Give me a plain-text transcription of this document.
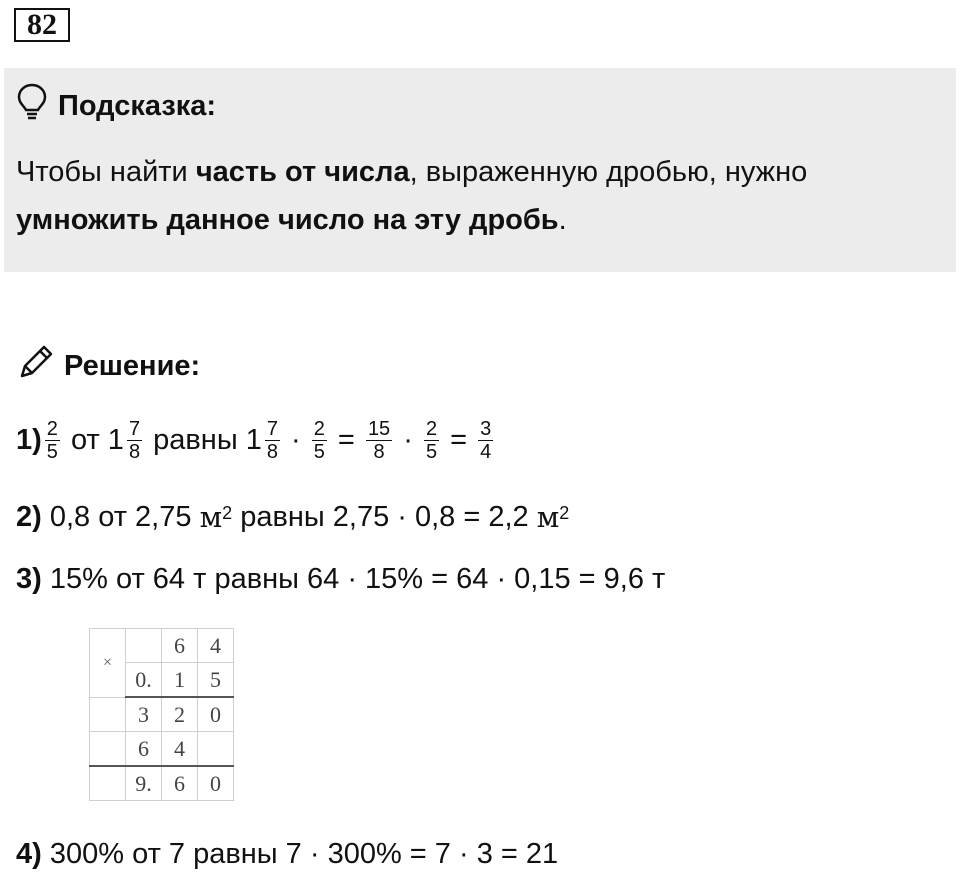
82
Подсказка:
Чтобы найти часть от числа, выраженную дробью, нужно
умножить данное число на эту дробь.
Решение:
$1) \frac{2}{5}$ от $1 \frac{7}{8}$ равны $1 \frac{7}{8} \cdot \frac{2}{5} = \frac{15}{8} \cdot \frac{2}{5} = \frac{3}{4}$
2) 0,8 от 2,75 $м^2$ равны 2,75 · 0,8 = 2,2 $м^2$
3) 15% от 64 т равны 64 · 15% = 64 · 0,15 = 9,6 т
×		6	4
	0.	1	5
	3	2	0
	6	4	
	9.	6	0
4) 300% от 7 равны 7 · 300% = 7 · 3 = 21
